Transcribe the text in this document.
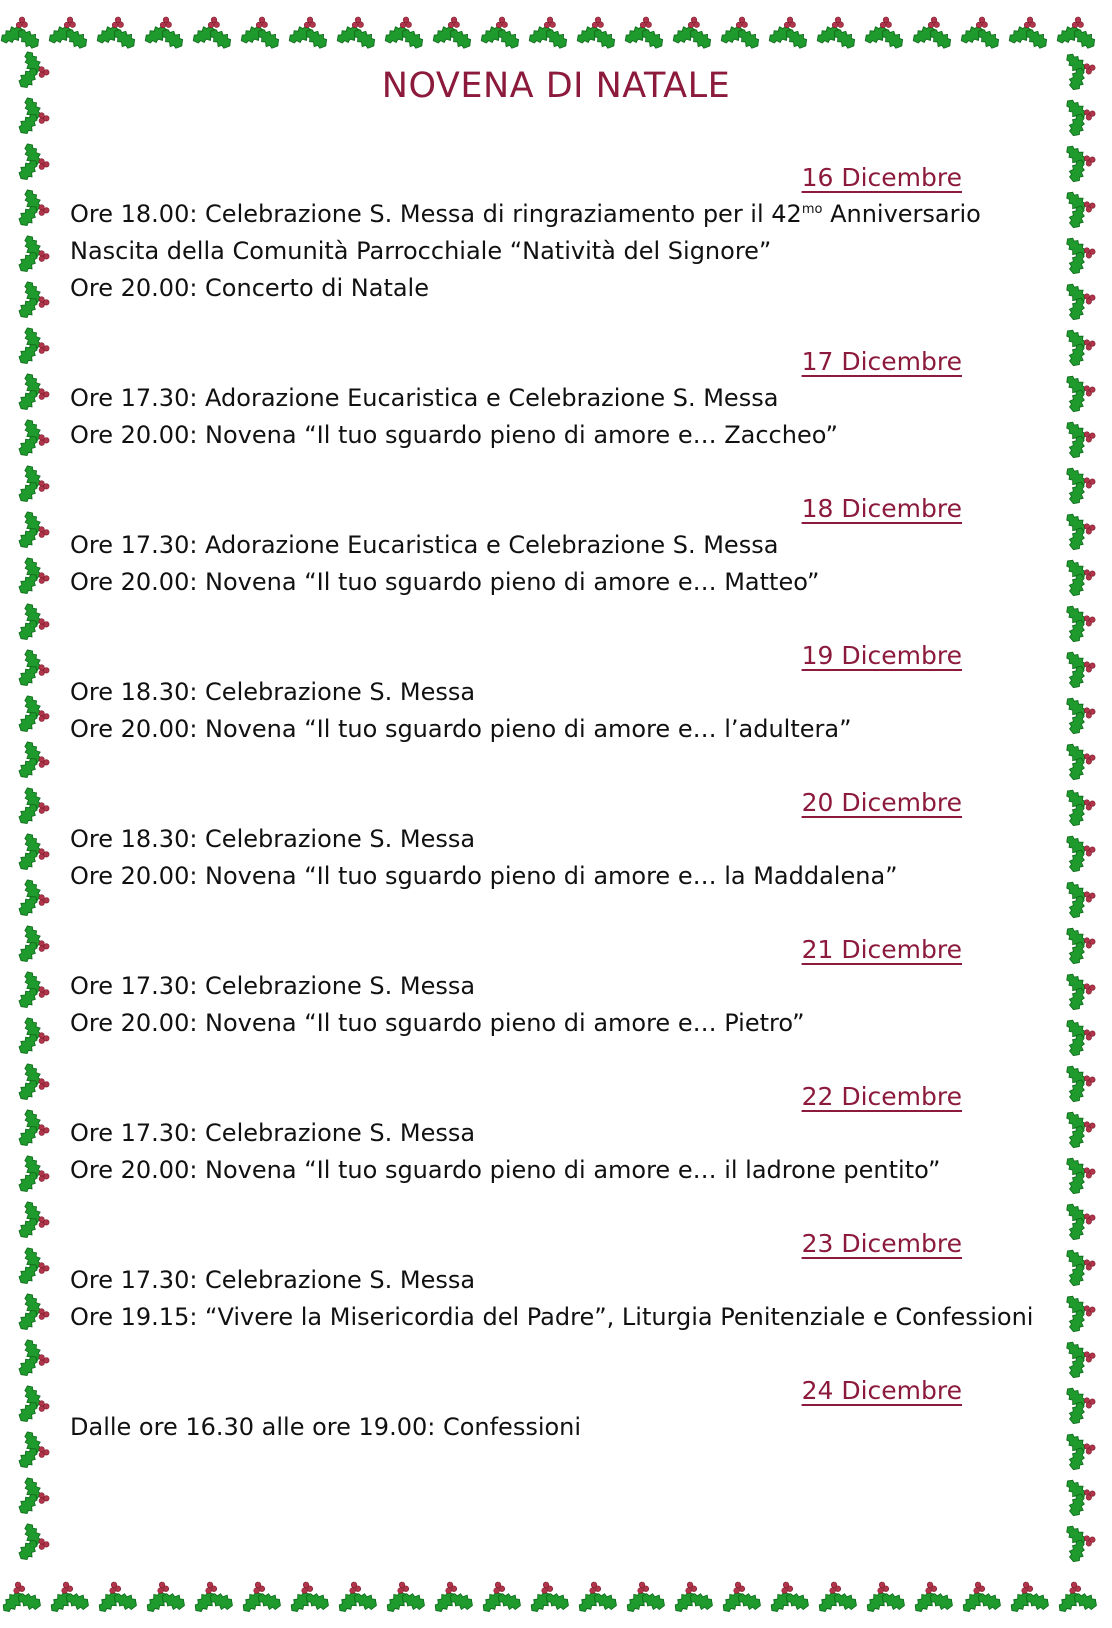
NOVENA DI NATALE
16 Dicembre

Ore 18.00: Celebrazione S. Messa di ringraziamento per il $42^{mo}$ Anniversario

Nascita della Comunità Parrocchiale “Natività del Signore”

Ore 20.00: Concerto di Natale

17 Dicembre

Ore 17.30: Adorazione Eucaristica e Celebrazione S. Messa

Ore 20.00: Novena “Il tuo sguardo pieno di amore e… Zaccheo”

18 Dicembre

Ore 17.30: Adorazione Eucaristica e Celebrazione S. Messa

Ore 20.00: Novena “Il tuo sguardo pieno di amore e… Matteo”

19 Dicembre

Ore 18.30: Celebrazione S. Messa

Ore 20.00: Novena “Il tuo sguardo pieno di amore e… l’adultera”

20 Dicembre

Ore 18.30: Celebrazione S. Messa

Ore 20.00: Novena “Il tuo sguardo pieno di amore e… la Maddalena”

21 Dicembre

Ore 17.30: Celebrazione S. Messa

Ore 20.00: Novena “Il tuo sguardo pieno di amore e… Pietro”

22 Dicembre

Ore 17.30: Celebrazione S. Messa

Ore 20.00: Novena “Il tuo sguardo pieno di amore e… il ladrone pentito”

23 Dicembre

Ore 17.30: Celebrazione S. Messa

Ore 19.15: “Vivere la Misericordia del Padre”, Liturgia Penitenziale e Confessioni

24 Dicembre

Dalle ore 16.30 alle ore 19.00: Confessioni
